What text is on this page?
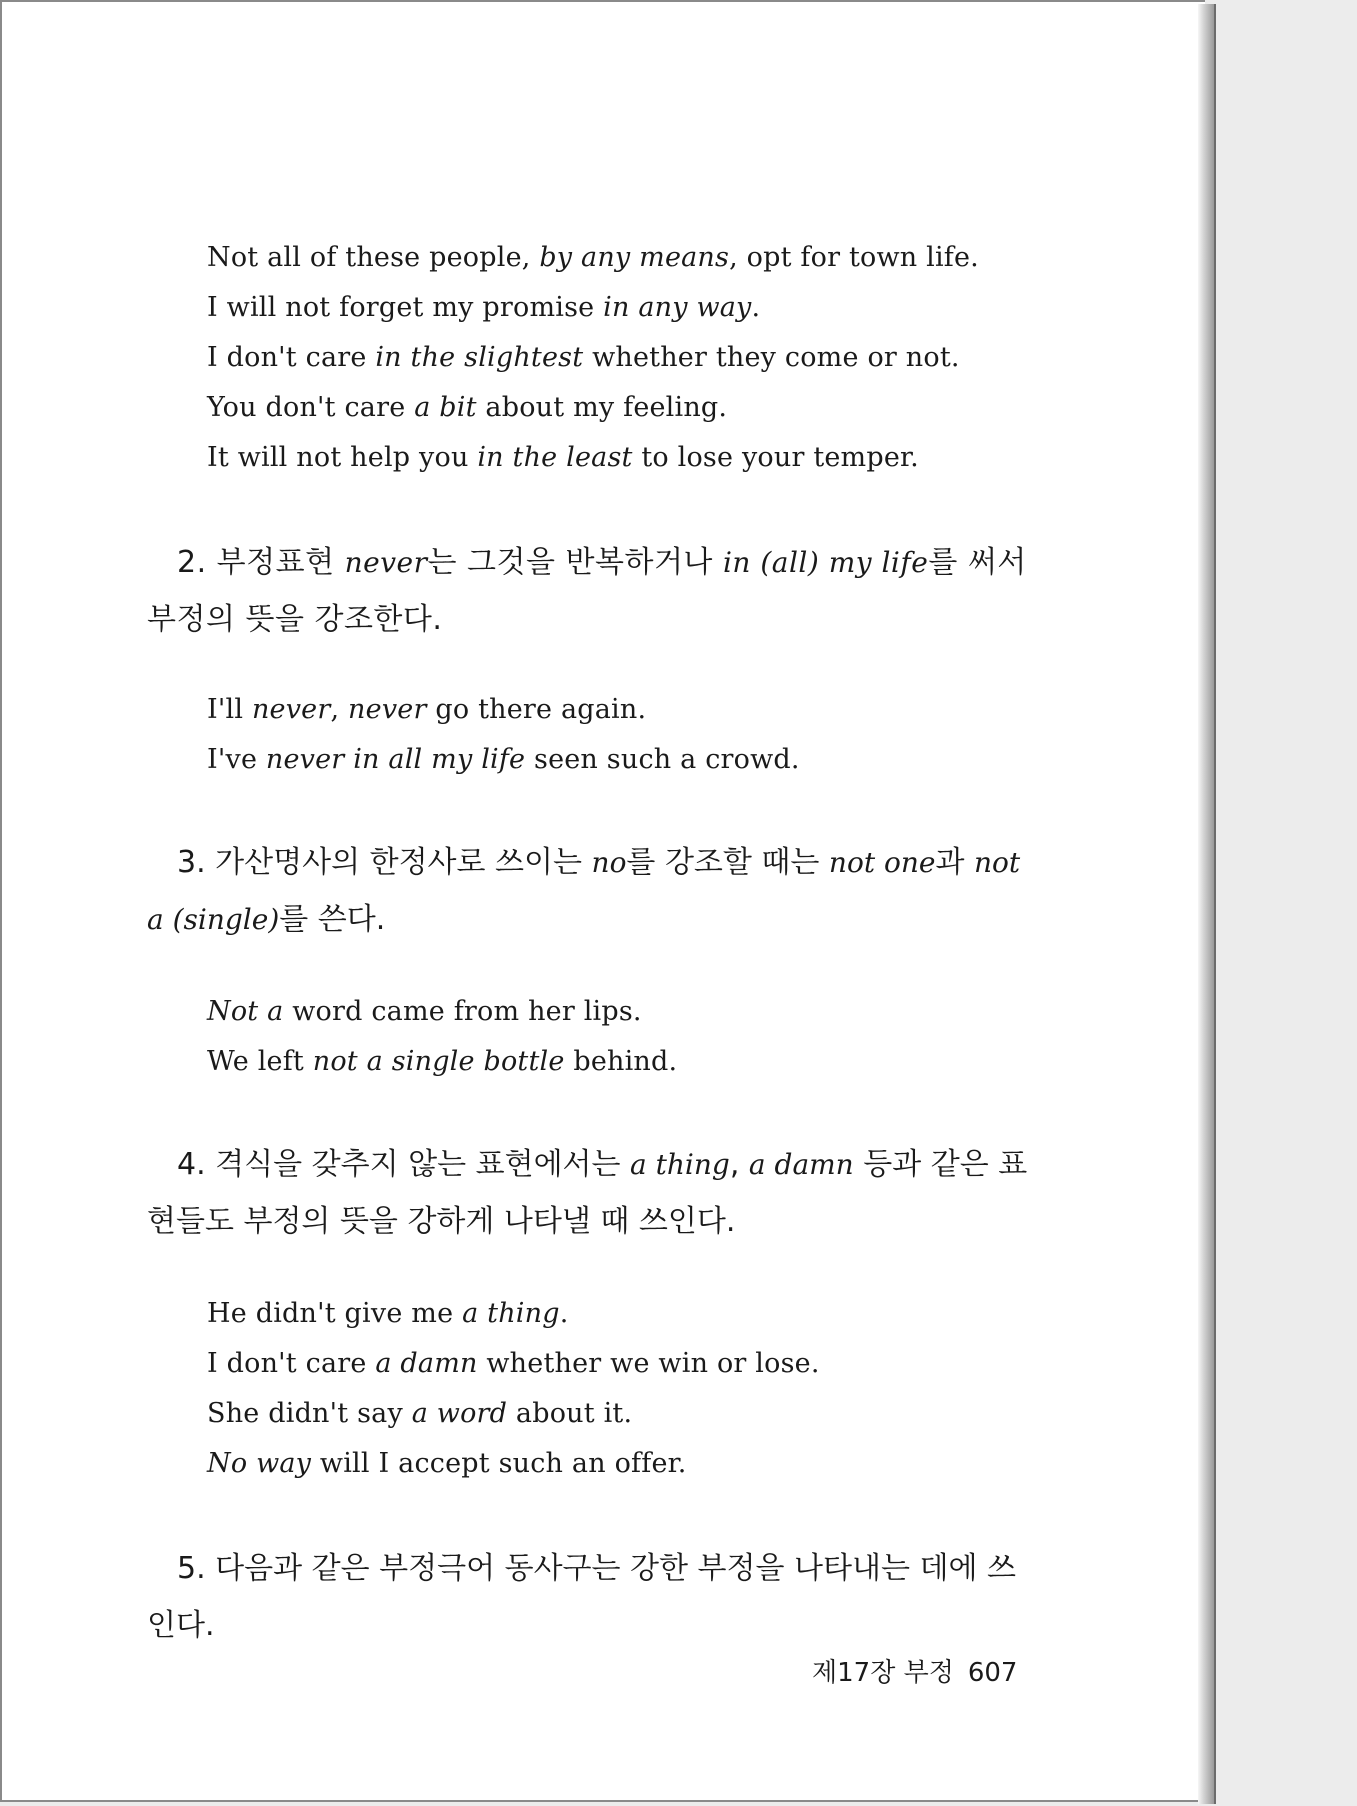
Not all of these people, by any means, opt for town life.
I will not forget my promise in any way.
I don't care in the slightest whether they come or not.
You don't care a bit about my feeling.
It will not help you in the least to lose your temper.
2. 부정표현 never는 그것을 반복하거나 in (all) my life를 써서 부정의 뜻을 강조한다.
I'll never, never go there again.
I've never in all my life seen such a crowd.
3. 가산명사의 한정사로 쓰이는 no를 강조할 때는 not one과 not a (single)를 쓴다.
Not a word came from her lips.
We left not a single bottle behind.
4. 격식을 갖추지 않는 표현에서는 a thing, a damn 등과 같은 표현들도 부정의 뜻을 강하게 나타낼 때 쓰인다.
He didn't give me a thing.
I don't care a damn whether we win or lose.
She didn't say a word about it.
No way will I accept such an offer.
5. 다음과 같은 부정극어 동사구는 강한 부정을 나타내는 데에 쓰인다.
제17장 부정 607
